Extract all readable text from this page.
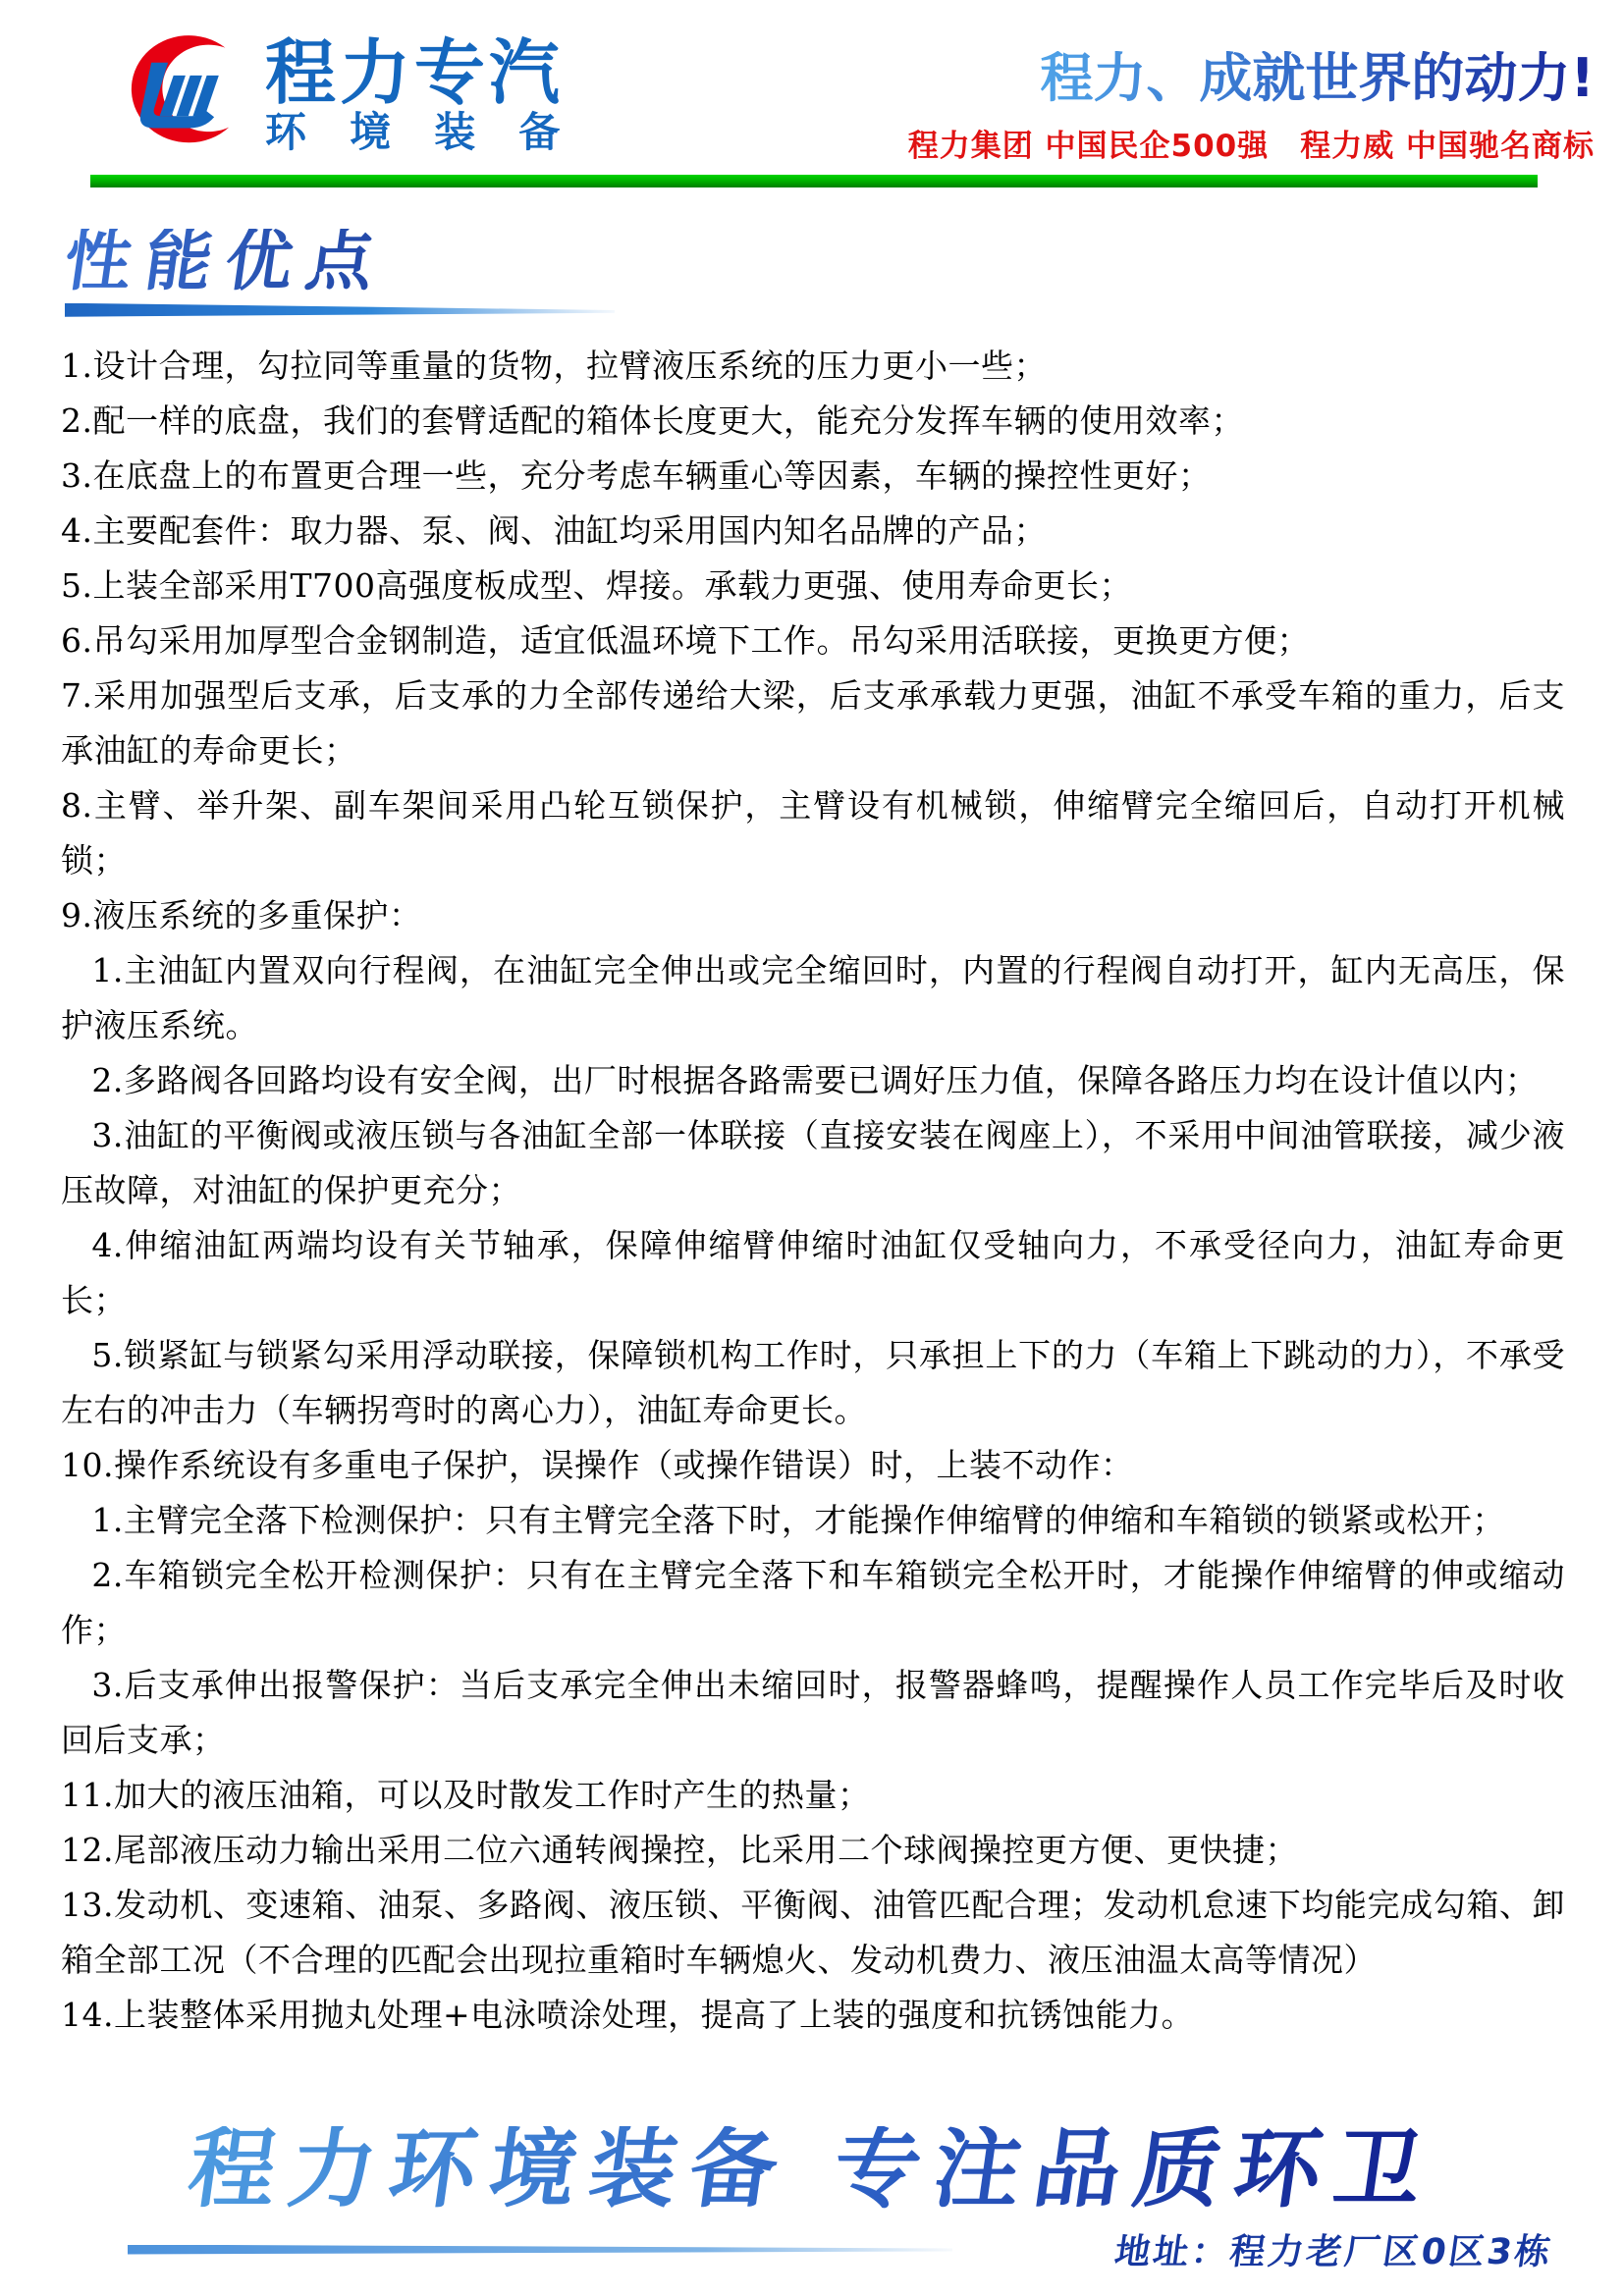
程力专汽
环境装备
程力、成就世界的动力!
程力集团 中国民企500强　程力威 中国驰名商标
性能优点

1.设计合理，勾拉同等重量的货物，拉臂液压系统的压力更小一些；

2.配一样的底盘，我们的套臂适配的箱体长度更大，能充分发挥车辆的使用效率；

3.在底盘上的布置更合理一些，充分考虑车辆重心等因素，车辆的操控性更好；

4.主要配套件：取力器、泵、阀、油缸均采用国内知名品牌的产品；

5.上装全部采用T700高强度板成型、焊接。承载力更强、使用寿命更长；

6.吊勾采用加厚型合金钢制造，适宜低温环境下工作。吊勾采用活联接，更换更方便；

7.采用加强型后支承，后支承的力全部传递给大梁，后支承承载力更强，油缸不承受车箱的重力，后支承油缸的寿命更长；

8.主臂、举升架、副车架间采用凸轮互锁保护，主臂设有机械锁，伸缩臂完全缩回后，自动打开机械锁；

9.液压系统的多重保护：

1.主油缸内置双向行程阀，在油缸完全伸出或完全缩回时，内置的行程阀自动打开，缸内无高压，保护液压系统。

2.多路阀各回路均设有安全阀，出厂时根据各路需要已调好压力值，保障各路压力均在设计值以内；

3.油缸的平衡阀或液压锁与各油缸全部一体联接（直接安装在阀座上），不采用中间油管联接，减少液压故障，对油缸的保护更充分；

4.伸缩油缸两端均设有关节轴承，保障伸缩臂伸缩时油缸仅受轴向力，不承受径向力，油缸寿命更长；

5.锁紧缸与锁紧勾采用浮动联接，保障锁机构工作时，只承担上下的力（车箱上下跳动的力），不承受左右的冲击力（车辆拐弯时的离心力），油缸寿命更长。

10.操作系统设有多重电子保护，误操作（或操作错误）时，上装不动作：

1.主臂完全落下检测保护：只有主臂完全落下时，才能操作伸缩臂的伸缩和车箱锁的锁紧或松开；

2.车箱锁完全松开检测保护：只有在主臂完全落下和车箱锁完全松开时，才能操作伸缩臂的伸或缩动作；

3.后支承伸出报警保护：当后支承完全伸出未缩回时，报警器蜂鸣，提醒操作人员工作完毕后及时收回后支承；

11.加大的液压油箱，可以及时散发工作时产生的热量；

12.尾部液压动力输出采用二位六通转阀操控，比采用二个球阀操控更方便、更快捷；

13.发动机、变速箱、油泵、多路阀、液压锁、平衡阀、油管匹配合理；发动机怠速下均能完成勾箱、卸箱全部工况（不合理的匹配会出现拉重箱时车辆熄火、发动机费力、液压油温太高等情况）

14.上装整体采用抛丸处理+电泳喷涂处理，提高了上装的强度和抗锈蚀能力。

程力环境装备 专注品质环卫
地址：程力老厂区0区3栋
